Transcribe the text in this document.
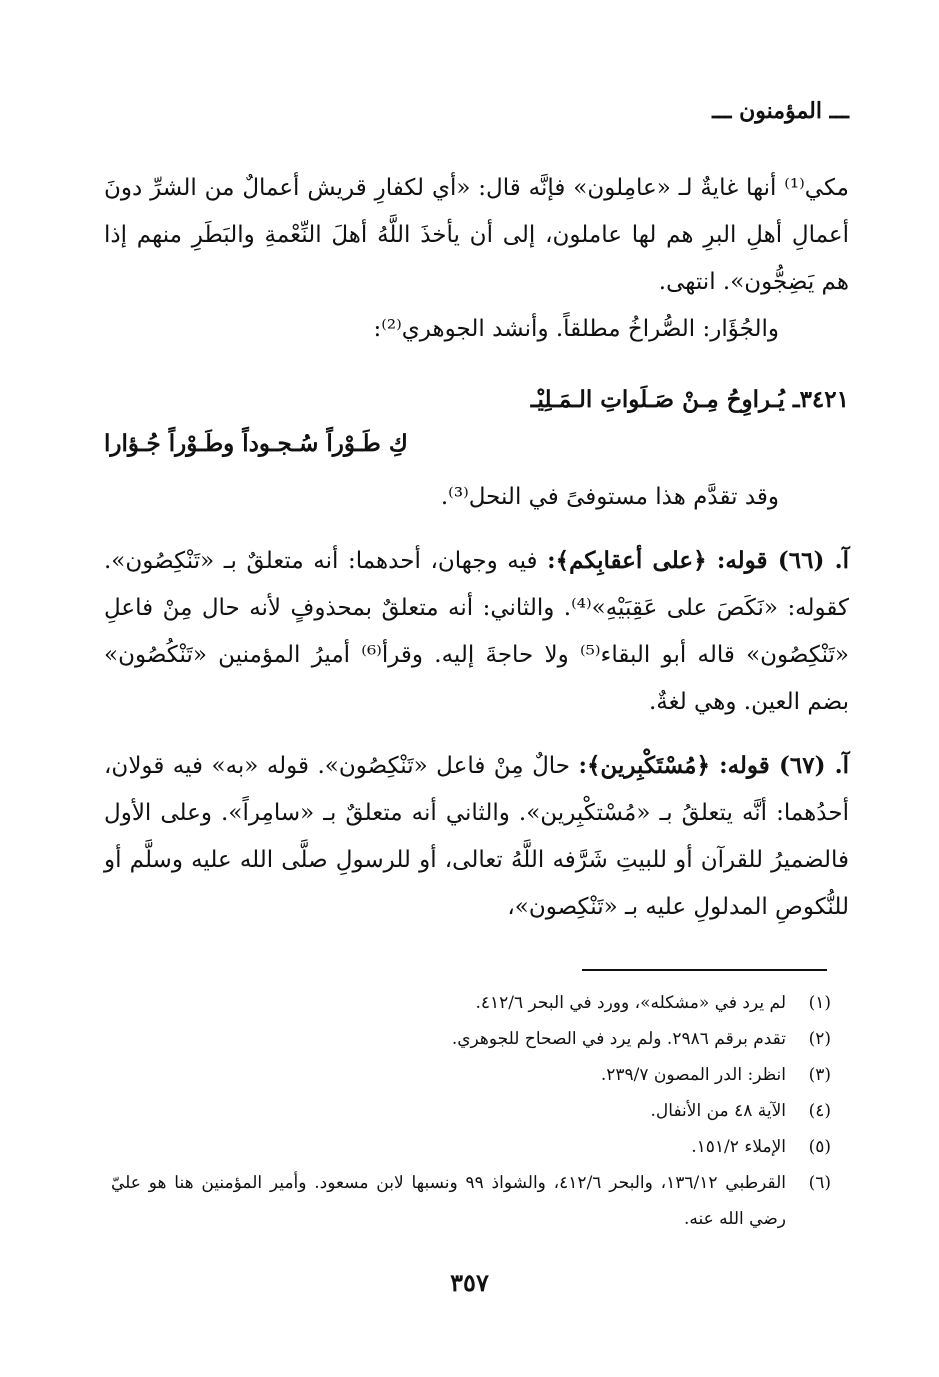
ـــ المؤمنون ـــ

مكي⁽¹⁾ أنها غايةٌ لـ «عامِلون» فإنَّه قال: «أي لكفارِ قريش أعمالٌ من الشرِّ دونَ أعمالِ أهلِ البرِ هم لها عاملون، إلى أن يأخذَ اللَّهُ أهلَ النِّعْمةِ والبَطَرِ منهم إذا هم يَضِجُّون». انتهى.

والجُؤَار: الصُّراخُ مطلقاً. وأنشد الجوهري⁽²⁾:

٣٤٢١ـ يُـراوِحُ مِـنْ صَـلَواتِ الـمَـلِيْـ
كِ طَـوْراً سُـجـوداً وطَـوْراً جُـؤارا

وقد تقدَّم هذا مستوفىً في النحل⁽³⁾.

آ. (٦٦) قوله: ﴿على أعقابِكم﴾: فيه وجهان، أحدهما: أنه متعلقٌ بـ «تَنْكِصُون». كقوله: «نَكَصَ على عَقِبَيْهِ»⁽⁴⁾. والثاني: أنه متعلقٌ بمحذوفٍ لأنه حال مِنْ فاعلِ «تَنْكِصُون» قاله أبو البقاء⁽⁵⁾ ولا حاجةَ إليه. وقرأ⁽⁶⁾ أميرُ المؤمنين «تَنْكُصُون» بضم العين. وهي لغةٌ.

آ. (٦٧) قوله: ﴿مُسْتَكْبِرين﴾: حالٌ مِنْ فاعل «تَنْكِصُون». قوله «به» فيه قولان، أحدُهما: أنَّه يتعلقُ بـ «مُسْتكْبِرين». والثاني أنه متعلقٌ بـ «سامِراً». وعلى الأول فالضميرُ للقرآن أو للبيتِ شَرَّفه اللَّهُ تعالى، أو للرسولِ صلَّى الله عليه وسلَّم أو للنُّكوصِ المدلولِ عليه بـ «تَنْكِصون»،

(١)
لم يرد في «مشكله»، وورد في البحر ٤١٢/٦.
(٢)
تقدم برقم ٢٩٨٦. ولم يرد في الصحاح للجوهري.
(٣)
انظر: الدر المصون ٢٣٩/٧.
(٤)
الآية ٤٨ من الأنفال.
(٥)
الإملاء ١٥١/٢.
(٦)
القرطبي ١٣٦/١٢، والبحر ٤١٢/٦، والشواذ ٩٩ ونسبها لابن مسعود. وأمير المؤمنين هنا هو عليّ رضي الله عنه.
٣٥٧
